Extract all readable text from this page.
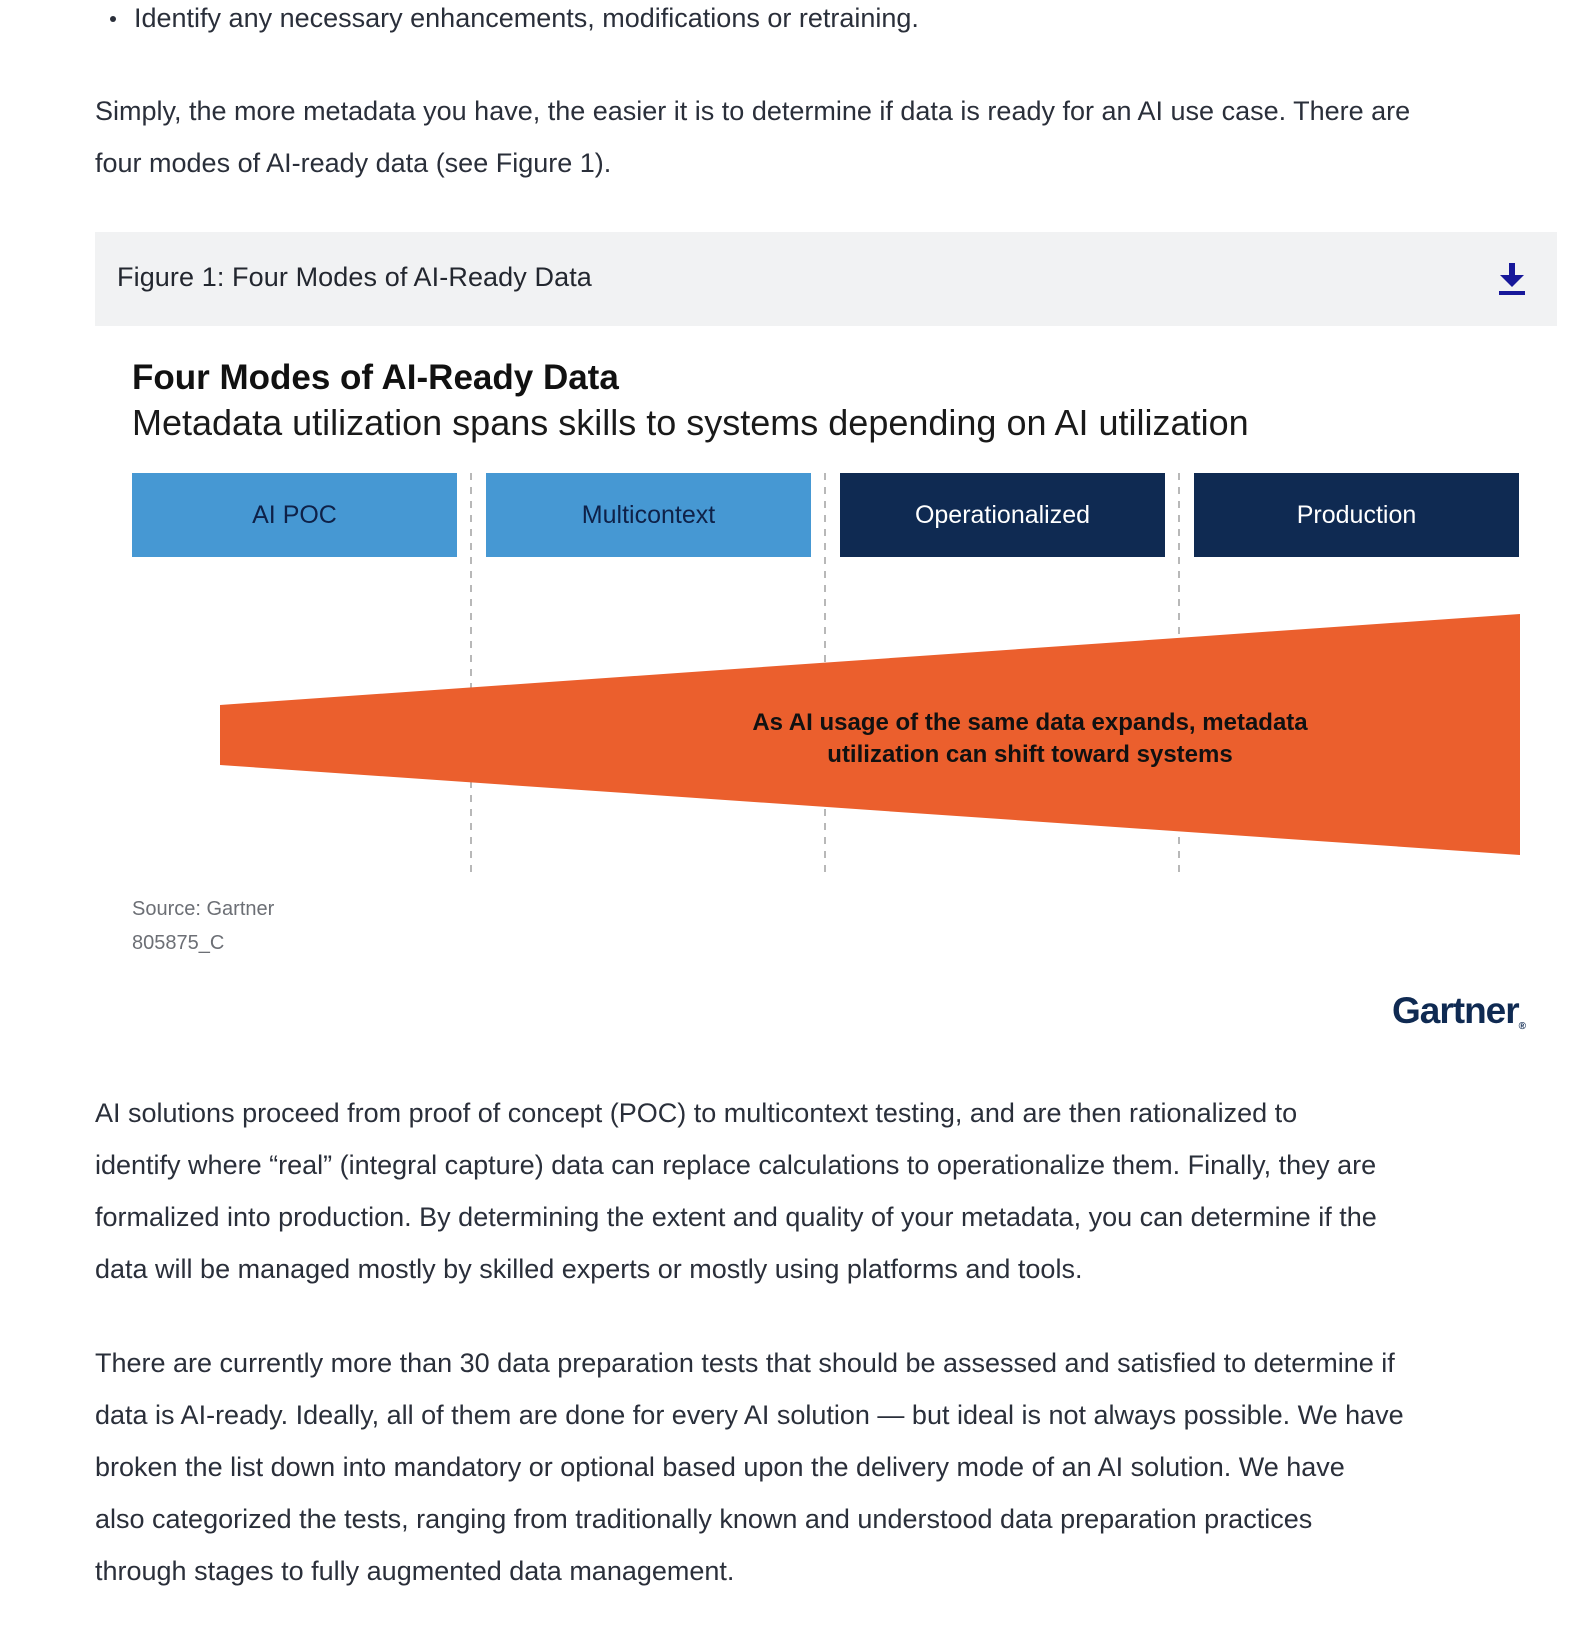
Identify any necessary enhancements, modifications or retraining.

Simply, the more metadata you have, the easier it is to determine if data is ready for an AI use case. There are
four modes of AI-ready data (see Figure 1).

Figure 1: Four Modes of AI-Ready Data
Four Modes of AI-Ready Data
Metadata utilization spans skills to systems depending on AI utilization
AI POC	Multicontext	Operationalized	Production
As AI usage of the same data expands, metadata
utilization can shift toward systems
Source: Gartner
805875_C
Gartner®

AI solutions proceed from proof of concept (POC) to multicontext testing, and are then rationalized to
identify where “real” (integral capture) data can replace calculations to operationalize them. Finally, they are
formalized into production. By determining the extent and quality of your metadata, you can determine if the
data will be managed mostly by skilled experts or mostly using platforms and tools.

There are currently more than 30 data preparation tests that should be assessed and satisfied to determine if
data is AI-ready. Ideally, all of them are done for every AI solution — but ideal is not always possible. We have
broken the list down into mandatory or optional based upon the delivery mode of an AI solution. We have
also categorized the tests, ranging from traditionally known and understood data preparation practices
through stages to fully augmented data management.
